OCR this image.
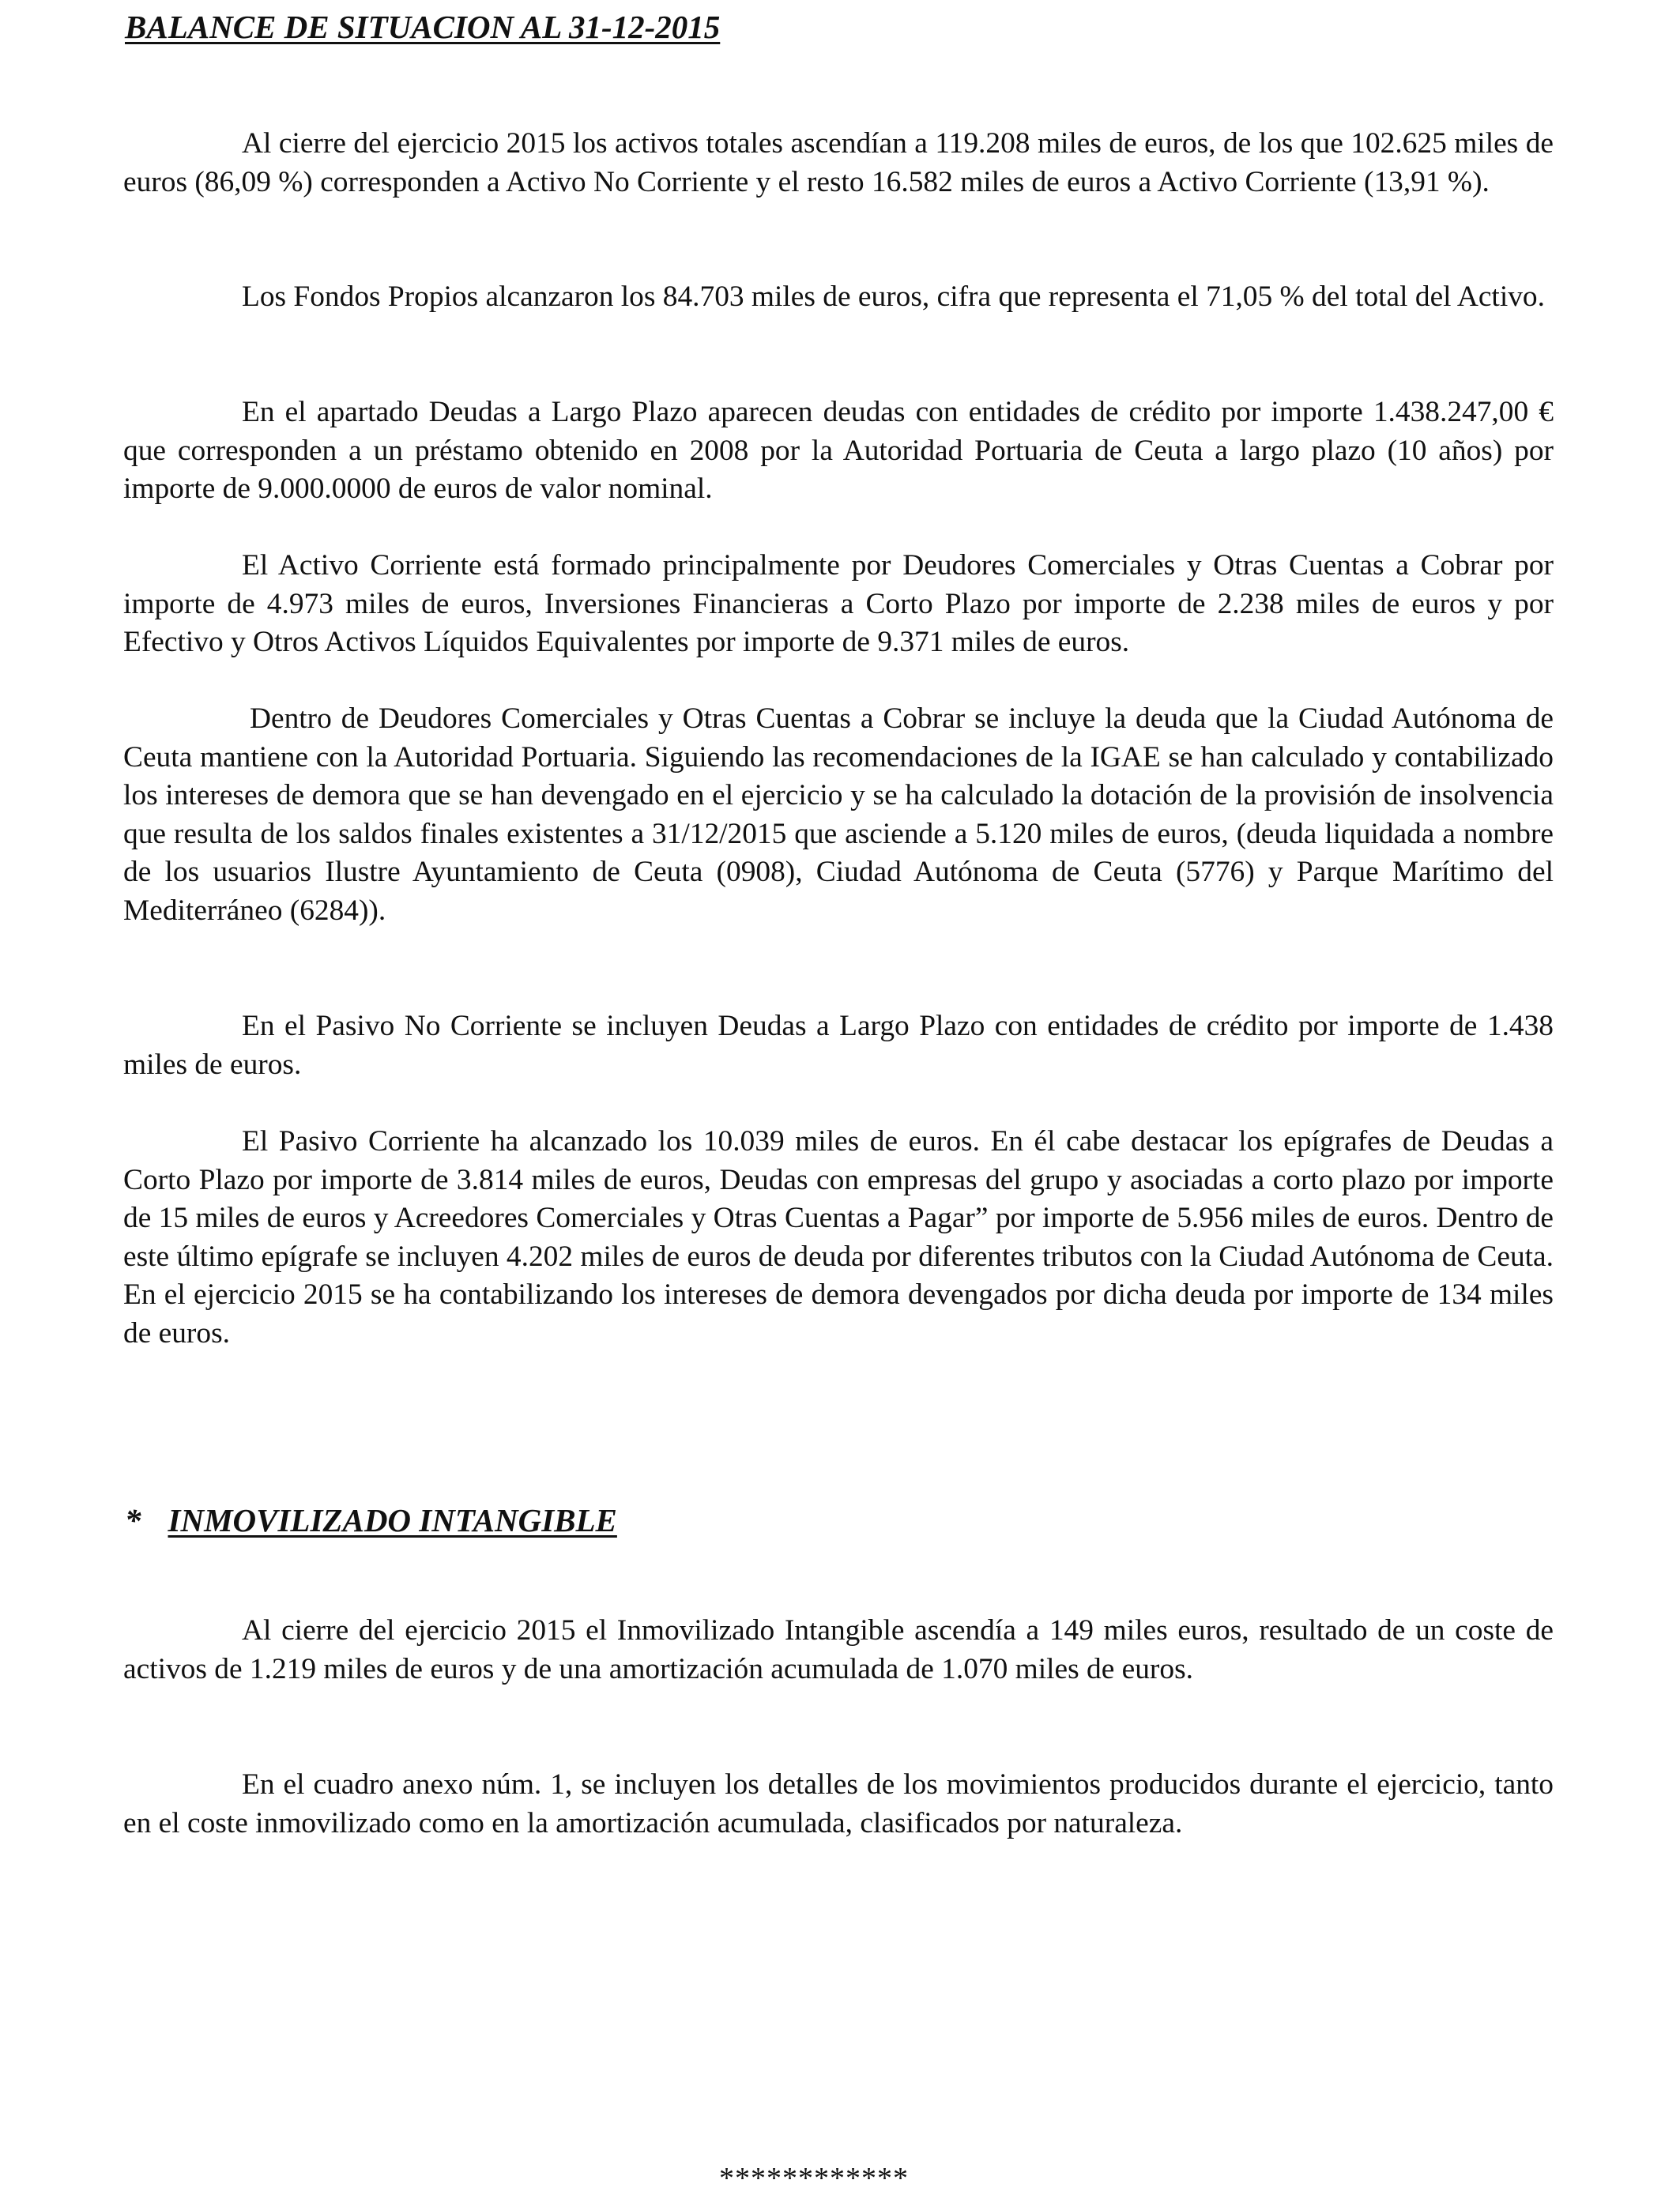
BALANCE DE SITUACION AL 31-12-2015

Al cierre del ejercicio 2015 los activos totales ascendían a 119.208 miles de euros, de los que 102.625 miles de euros (86,09 %) corresponden a Activo No Corriente y el resto 16.582 miles de euros a Activo Corriente (13,91 %).

Los Fondos Propios alcanzaron los 84.703 miles de euros, cifra que representa el 71,05 % del total del Activo.

En el apartado Deudas a Largo Plazo aparecen deudas con entidades de crédito por importe 1.438.247,00 € que corresponden a un préstamo obtenido en 2008 por la Autoridad Portuaria de Ceuta a largo plazo (10 años) por importe de 9.000.0000 de euros de valor nominal.

El Activo Corriente está formado principalmente por Deudores Comerciales y Otras Cuentas a Cobrar por importe de 4.973 miles de euros, Inversiones Financieras a Corto Plazo por importe de 2.238 miles de euros y por Efectivo y Otros Activos Líquidos Equivalentes por importe de 9.371 miles de euros.

Dentro de Deudores Comerciales y Otras Cuentas a Cobrar se incluye la deuda que la Ciudad Autónoma de Ceuta mantiene con la Autoridad Portuaria. Siguiendo las recomendaciones de la IGAE se han calculado y contabilizado los intereses de demora que se han devengado en el ejercicio y se ha calculado la dotación de la provisión de insolvencia que resulta de los saldos finales existentes a 31/12/2015 que asciende a 5.120 miles de euros, (deuda liquidada a nombre de los usuarios Ilustre Ayuntamiento de Ceuta (0908), Ciudad Autónoma de Ceuta (5776) y Parque Marítimo del Mediterráneo (6284)).

En el Pasivo No Corriente se incluyen Deudas a Largo Plazo con entidades de crédito por importe de 1.438 miles de euros.

El Pasivo Corriente ha alcanzado los 10.039 miles de euros. En él cabe destacar los epígrafes de Deudas a Corto Plazo por importe de 3.814 miles de euros, Deudas con empresas del grupo y asociadas a corto plazo por importe de 15 miles de euros y Acreedores Comerciales y Otras Cuentas a Pagar” por importe de 5.956 miles de euros. Dentro de este último epígrafe se incluyen 4.202 miles de euros de deuda por diferentes tributos con la Ciudad Autónoma de Ceuta. En el ejercicio 2015 se ha contabilizando los intereses de demora devengados por dicha deuda por importe de 134 miles de euros.

* INMOVILIZADO INTANGIBLE

Al cierre del ejercicio 2015 el Inmovilizado Intangible ascendía a 149 miles euros, resultado de un coste de activos de 1.219 miles de euros y de una amortización acumulada de 1.070 miles de euros.

En el cuadro anexo núm. 1, se incluyen los detalles de los movimientos producidos durante el ejercicio, tanto en el coste inmovilizado como en la amortización acumulada, clasificados por naturaleza.

************
